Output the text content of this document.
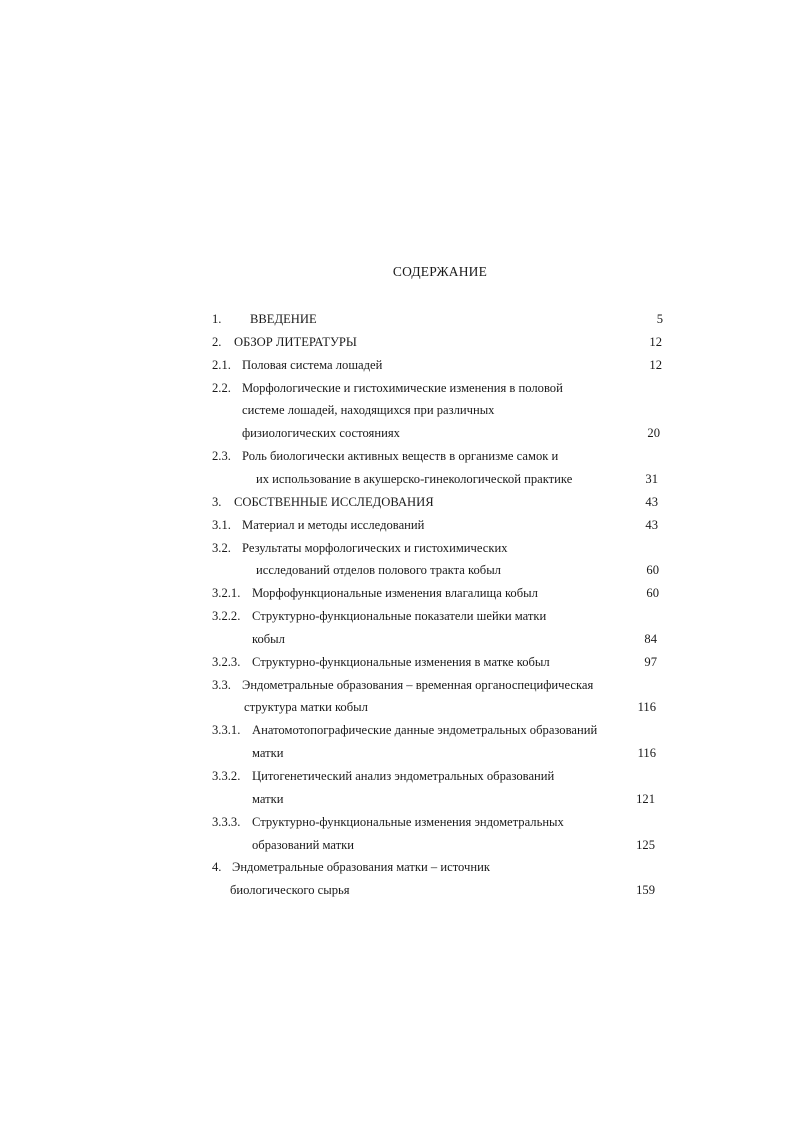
СОДЕРЖАНИЕ
1. ВВЕДЕНИЕ	5
2. ОБЗОР ЛИТЕРАТУРЫ	12
2.1. Половая система лошадей	12
2.2. Морфологические и гистохимические изменения в половой
системе лошадей, находящихся при различных
физиологических состояниях	20
2.3. Роль биологически активных веществ в организме самок и
их использование в акушерско-гинекологической практике	31
3. СОБСТВЕННЫЕ ИССЛЕДОВАНИЯ	43
3.1. Материал и методы исследований	43
3.2. Результаты морфологических и гистохимических
исследований отделов полового тракта кобыл	60
3.2.1. Морфофункциональные изменения влагалища кобыл	60
3.2.2. Структурно-функциональные показатели шейки матки
кобыл	84
3.2.3. Структурно-функциональные изменения в матке кобыл	97
3.3. Эндометральные образования – временная органоспецифическая
структура матки кобыл	116
3.3.1. Анатомотопографические данные эндометральных образований
матки	116
3.3.2. Цитогенетический анализ эндометральных образований
матки	121
3.3.3. Структурно-функциональные изменения эндометральных
образований матки	125
4. Эндометральные образования матки – источник
биологического сырья	159
